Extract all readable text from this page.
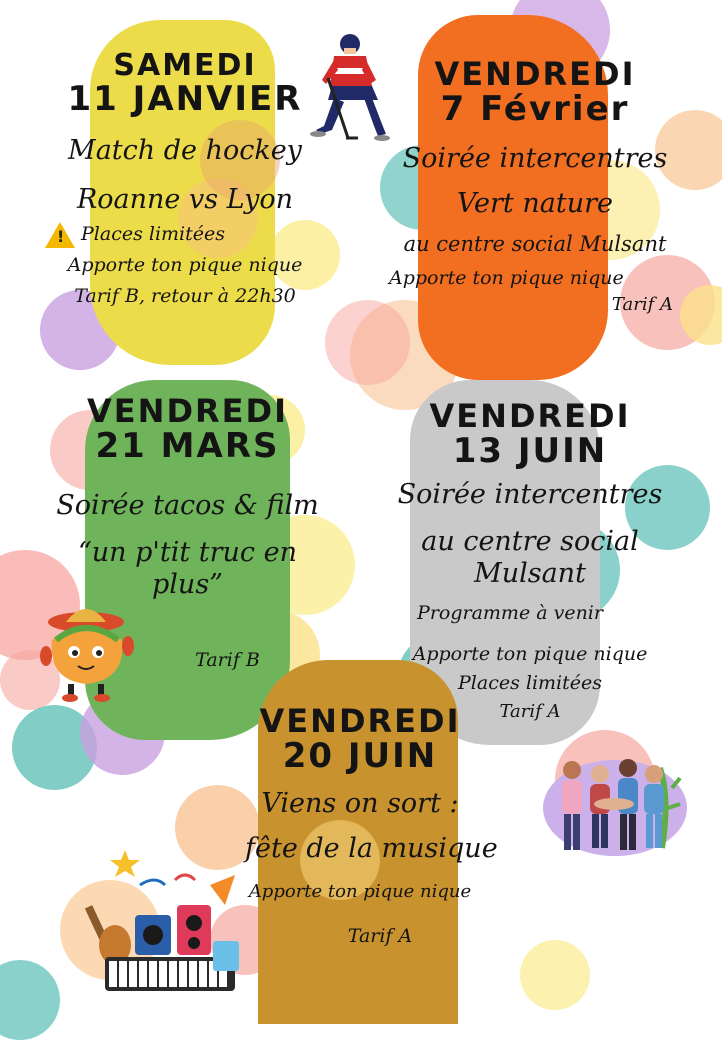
SAMEDI
11 JANVIER
Match de hockey
Roanne vs Lyon
!Places limitées
Apporte ton pique nique
Tarif B, retour à 22h30
VENDREDI
7 Février
Soirée intercentres
Vert nature
au centre social Mulsant
Apporte ton pique nique
Tarif A
VENDREDI
21 MARS
Soirée tacos & film
“un p'tit truc en plus”
Tarif B
VENDREDI
13 JUIN
Soirée intercentres
au centre social Mulsant
Programme à venir
Apporte ton pique nique
Places limitées
Tarif A
VENDREDI
20 JUIN
Viens on sort :
fête de la musique
Apporte ton pique nique
Tarif A
